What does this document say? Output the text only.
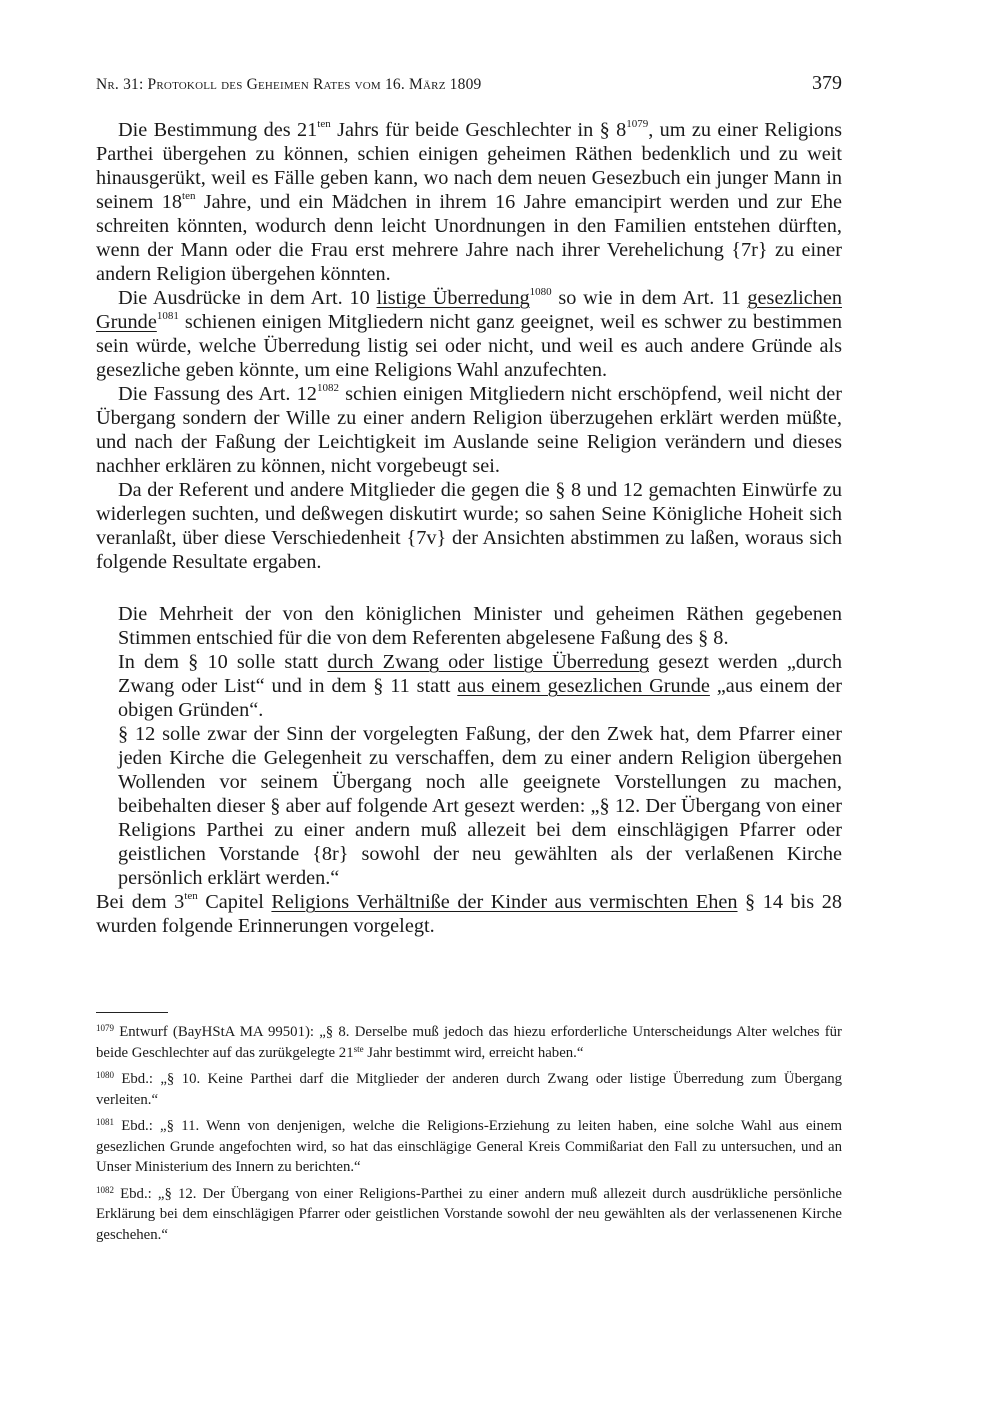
Nr. 31: Protokoll des Geheimen Rates vom 16. März 1809	379

Die Bestimmung des $21^{ten}$ Jahrs für beide Geschlechter in § $8^{1079}$, um zu einer Religions Parthei übergehen zu können, schien einigen geheimen Räthen bedenklich und zu weit hinausgerükt, weil es Fälle geben kann, wo nach dem neuen Gesezbuch ein junger Mann in seinem $18^{ten}$ Jahre, und ein Mädchen in ihrem 16 Jahre emancipirt werden und zur Ehe schreiten könnten, wodurch denn leicht Unordnungen in den Familien entstehen dürften, wenn der Mann oder die Frau erst mehrere Jahre nach ihrer Verehelichung {7r} zu einer andern Religion übergehen könnten.

Die Ausdrücke in dem Art. 10 listige Überredung$^{1080}$ so wie in dem Art. 11 gesezlichen Grunde$^{1081}$ schienen einigen Mitgliedern nicht ganz geeignet, weil es schwer zu bestimmen sein würde, welche Überredung listig sei oder nicht, und weil es auch andere Gründe als gesezliche geben könnte, um eine Religions Wahl anzufechten.

Die Fassung des Art. $12^{1082}$ schien einigen Mitgliedern nicht erschöpfend, weil nicht der Übergang sondern der Wille zu einer andern Religion überzugehen erklärt werden müßte, und nach der Faßung der Leichtigkeit im Auslande seine Religion verändern und dieses nachher erklären zu können, nicht vorgebeugt sei.

Da der Referent und andere Mitglieder die gegen die § 8 und 12 gemachten Einwürfe zu widerlegen suchten, und deßwegen diskutirt wurde; so sahen Seine Königliche Hoheit sich veranlaßt, über diese Verschiedenheit {7v} der Ansichten abstimmen zu laßen, woraus sich folgende Resultate ergaben.

Die Mehrheit der von den königlichen Minister und geheimen Räthen gegebenen Stimmen entschied für die von dem Referenten abgelesene Faßung des § 8.

In dem § 10 solle statt durch Zwang oder listige Überredung gesezt werden „durch Zwang oder List“ und in dem § 11 statt aus einem gesezlichen Grunde „aus einem der obigen Gründen“.

§ 12 solle zwar der Sinn der vorgelegten Faßung, der den Zwek hat, dem Pfarrer einer jeden Kirche die Gelegenheit zu verschaffen, dem zu einer andern Religion übergehen Wollenden vor seinem Übergang noch alle geeignete Vorstellungen zu machen, beibehalten dieser § aber auf folgende Art gesezt werden: „§ 12. Der Übergang von einer Religions Parthei zu einer andern muß allezeit bei dem einschlägigen Pfarrer oder geistlichen Vorstande {8r} sowohl der neu gewählten als der verlaßenen Kirche persönlich erklärt werden.“

Bei dem $3^{ten}$ Capitel Religions Verhältniße der Kinder aus vermischten Ehen § 14 bis 28 wurden folgende Erinnerungen vorgelegt.

$^{1079}$ Entwurf (BayHStA MA 99501): „§ 8. Derselbe muß jedoch das hiezu erforderliche Unterscheidungs Alter welches für beide Geschlechter auf das zurükgelegte 21ste Jahr bestimmt wird, erreicht haben.“

$^{1080}$ Ebd.: „§ 10. Keine Parthei darf die Mitglieder der anderen durch Zwang oder listige Überredung zum Übergang verleiten.“

$^{1081}$ Ebd.: „§ 11. Wenn von denjenigen, welche die Religions-Erziehung zu leiten haben, eine solche Wahl aus einem gesezlichen Grunde angefochten wird, so hat das einschlägige General Kreis Commißariat den Fall zu untersuchen, und an Unser Ministerium des Innern zu berichten.“

$^{1082}$ Ebd.: „§ 12. Der Übergang von einer Religions-Parthei zu einer andern muß allezeit durch ausdrükliche persönliche Erklärung bei dem einschlägigen Pfarrer oder geistlichen Vorstande sowohl der neu gewählten als der verlassenenen Kirche geschehen.“
